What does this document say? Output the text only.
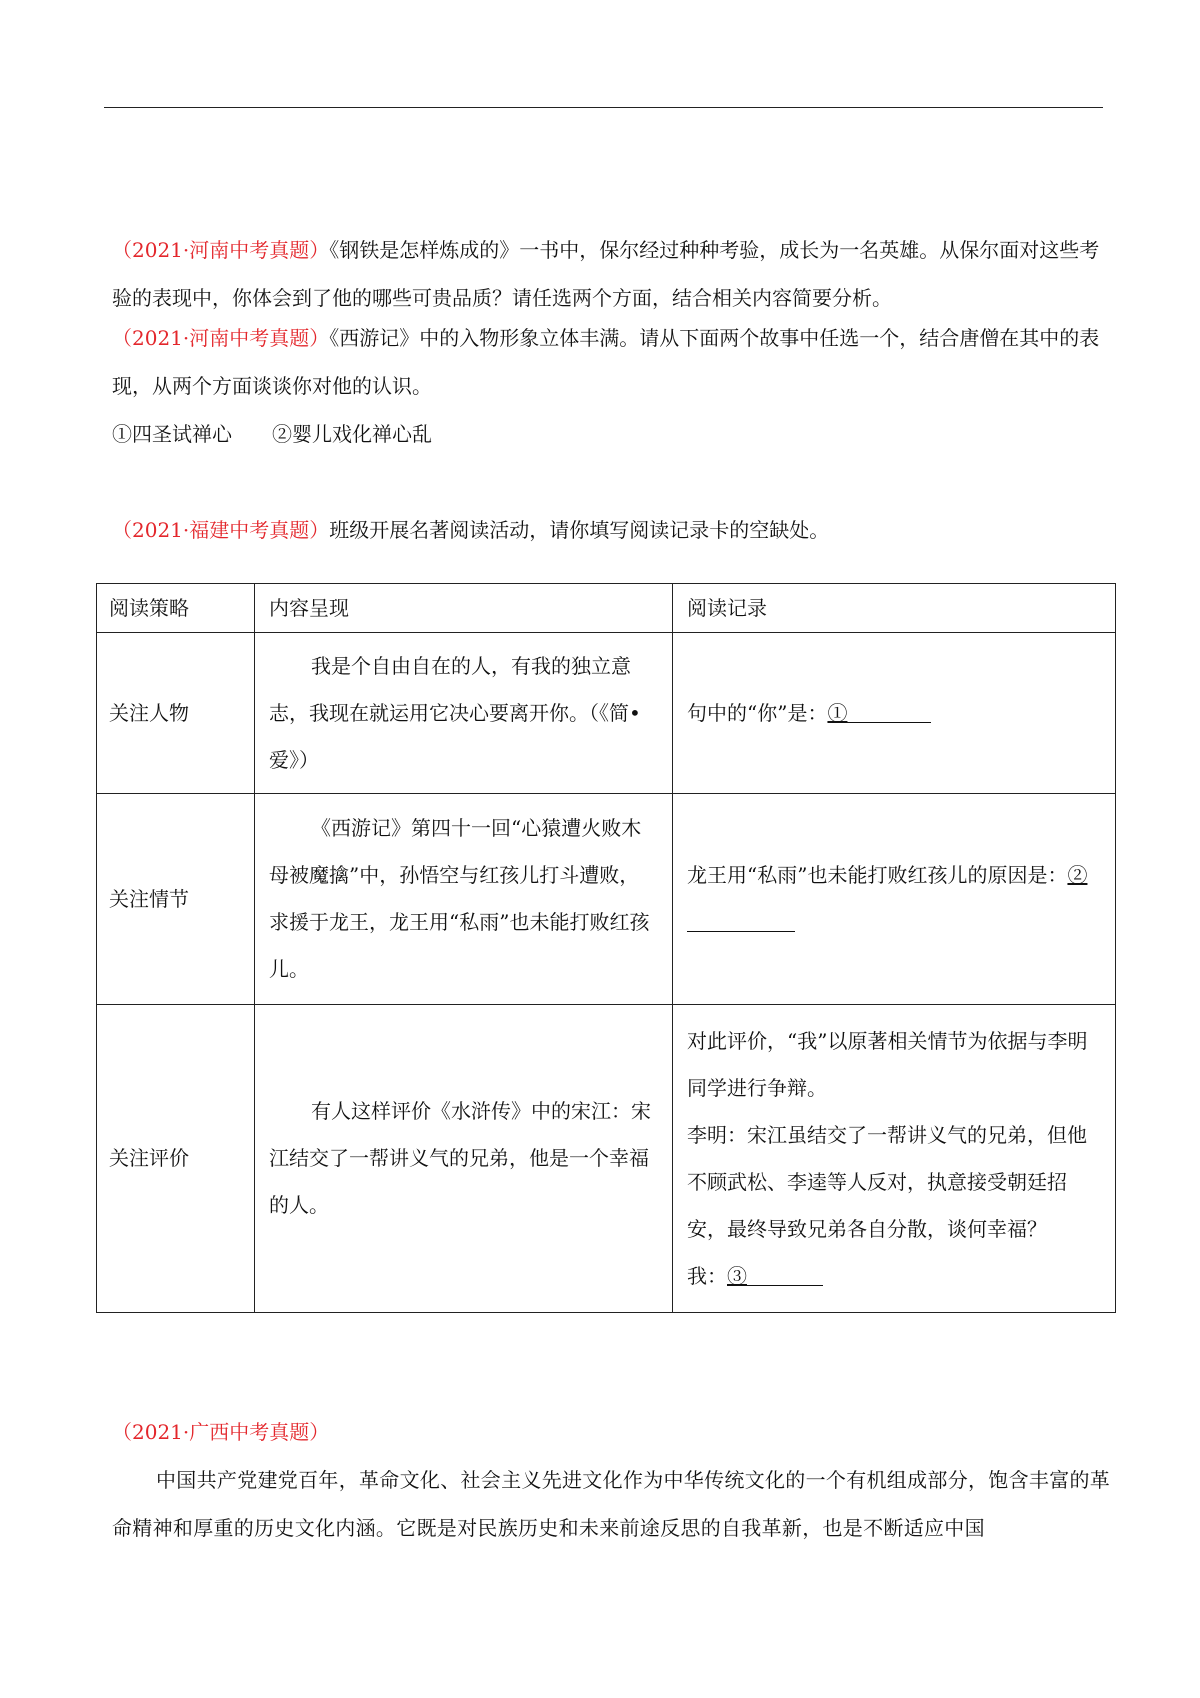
（2021·河南中考真题）《钢铁是怎样炼成的》一书中，保尔经过种种考验，成长为一名英雄。从保尔面对这些考验的表现中，你体会到了他的哪些可贵品质？请任选两个方面，结合相关内容简要分析。

（2021·河南中考真题）《西游记》中的入物形象立体丰满。请从下面两个故事中任选一个，结合唐僧在其中的表现，从两个方面谈谈你对他的认识。

①四圣试禅心　　②婴儿戏化禅心乱

（2021·福建中考真题）班级开展名著阅读活动，请你填写阅读记录卡的空缺处。

阅读策略	内容呈现	阅读记录
关注人物	我是个自由自在的人，有我的独立意志，我现在就运用它决心要离开你。（《简•爱》）	句中的“你”是：①
关注情节	《西游记》第四十一回“心猿遭火败木母被魔擒”中，孙悟空与红孩儿打斗遭败，求援于龙王，龙王用“私雨”也未能打败红孩儿。	龙王用“私雨”也未能打败红孩儿的原因是：②
关注评价	有人这样评价《水浒传》中的宋江：宋江结交了一帮讲义气的兄弟，他是一个幸福的人。	对此评价，“我”以原著相关情节为依据与李明同学进行争辩。
李明：宋江虽结交了一帮讲义气的兄弟，但他不顾武松、李逵等人反对，执意接受朝廷招安，最终导致兄弟各自分散，谈何幸福？
我：③

（2021·广西中考真题）

中国共产党建党百年，革命文化、社会主义先进文化作为中华传统文化的一个有机组成部分，饱含丰富的革命精神和厚重的历史文化内涵。它既是对民族历史和未来前途反思的自我革新，也是不断适应中国
